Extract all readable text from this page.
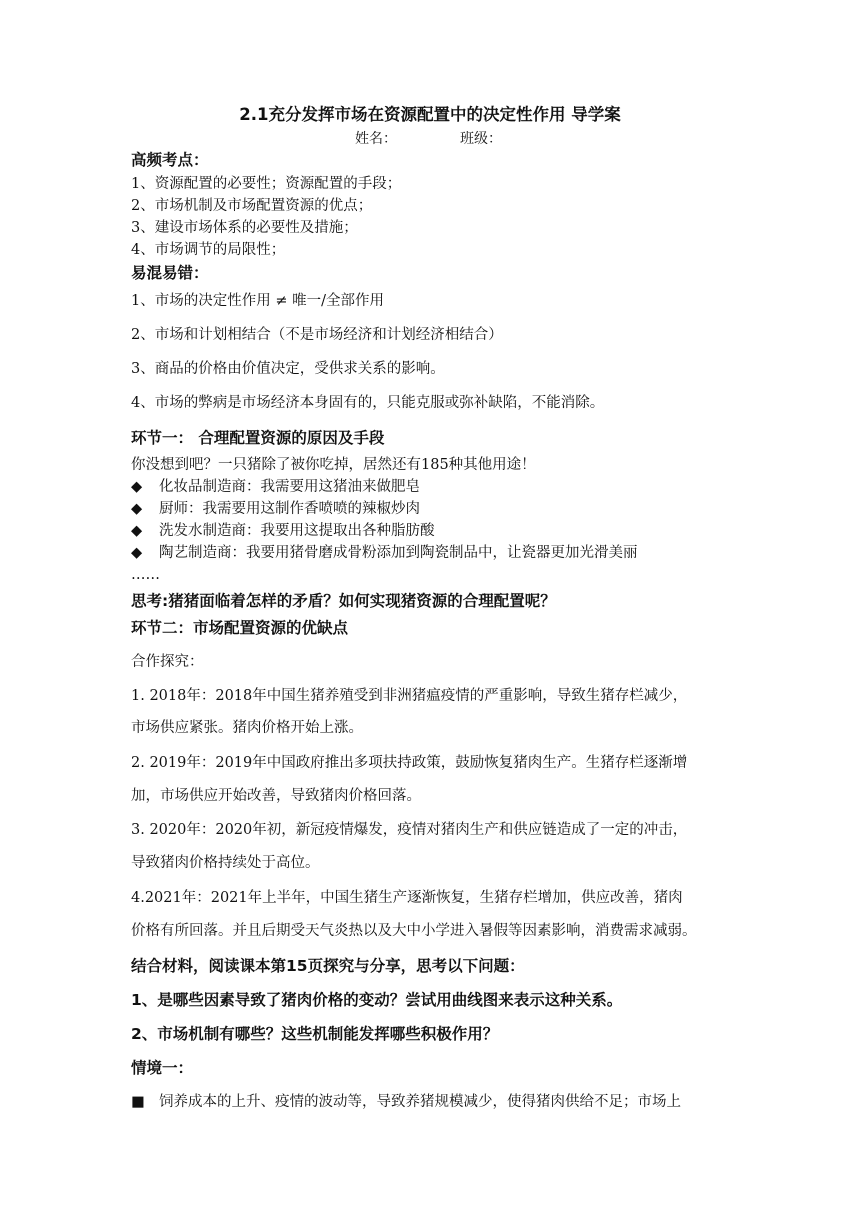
2.1充分发挥市场在资源配置中的决定性作用 导学案
姓名：	班级：
高频考点：
1、资源配置的必要性；资源配置的手段；
2、市场机制及市场配置资源的优点；
3、建设市场体系的必要性及措施；
4、市场调节的局限性；
易混易错：
1、市场的决定性作用 ≠ 唯一/全部作用
2、市场和计划相结合（不是市场经济和计划经济相结合）
3、商品的价格由价值决定，受供求关系的影响。
4、市场的弊病是市场经济本身固有的，只能克服或弥补缺陷，不能消除。
环节一： 合理配置资源的原因及手段
你没想到吧？一只猪除了被你吃掉，居然还有185种其他用途！
◆ 化妆品制造商：我需要用这猪油来做肥皂
◆ 厨师：我需要用这制作香喷喷的辣椒炒肉
◆ 洗发水制造商：我要用这提取出各种脂肪酸
◆ 陶艺制造商：我要用猪骨磨成骨粉添加到陶瓷制品中，让瓷器更加光滑美丽
……
思考:猪猪面临着怎样的矛盾？如何实现猪资源的合理配置呢？
环节二：市场配置资源的优缺点
合作探究：
1. 2018年：2018年中国生猪养殖受到非洲猪瘟疫情的严重影响，导致生猪存栏减少，
市场供应紧张。猪肉价格开始上涨。
2. 2019年：2019年中国政府推出多项扶持政策，鼓励恢复猪肉生产。生猪存栏逐渐增
加，市场供应开始改善，导致猪肉价格回落。
3. 2020年：2020年初，新冠疫情爆发，疫情对猪肉生产和供应链造成了一定的冲击，
导致猪肉价格持续处于高位。
4.2021年：2021年上半年，中国生猪生产逐渐恢复，生猪存栏增加，供应改善，猪肉
价格有所回落。并且后期受天气炎热以及大中小学进入暑假等因素影响，消费需求减弱。
结合材料，阅读课本第15页探究与分享，思考以下问题：
1、是哪些因素导致了猪肉价格的变动？尝试用曲线图来表示这种关系。
2、市场机制有哪些？这些机制能发挥哪些积极作用？
情境一：
■ 饲养成本的上升、疫情的波动等，导致养猪规模减少，使得猪肉供给不足；市场上
